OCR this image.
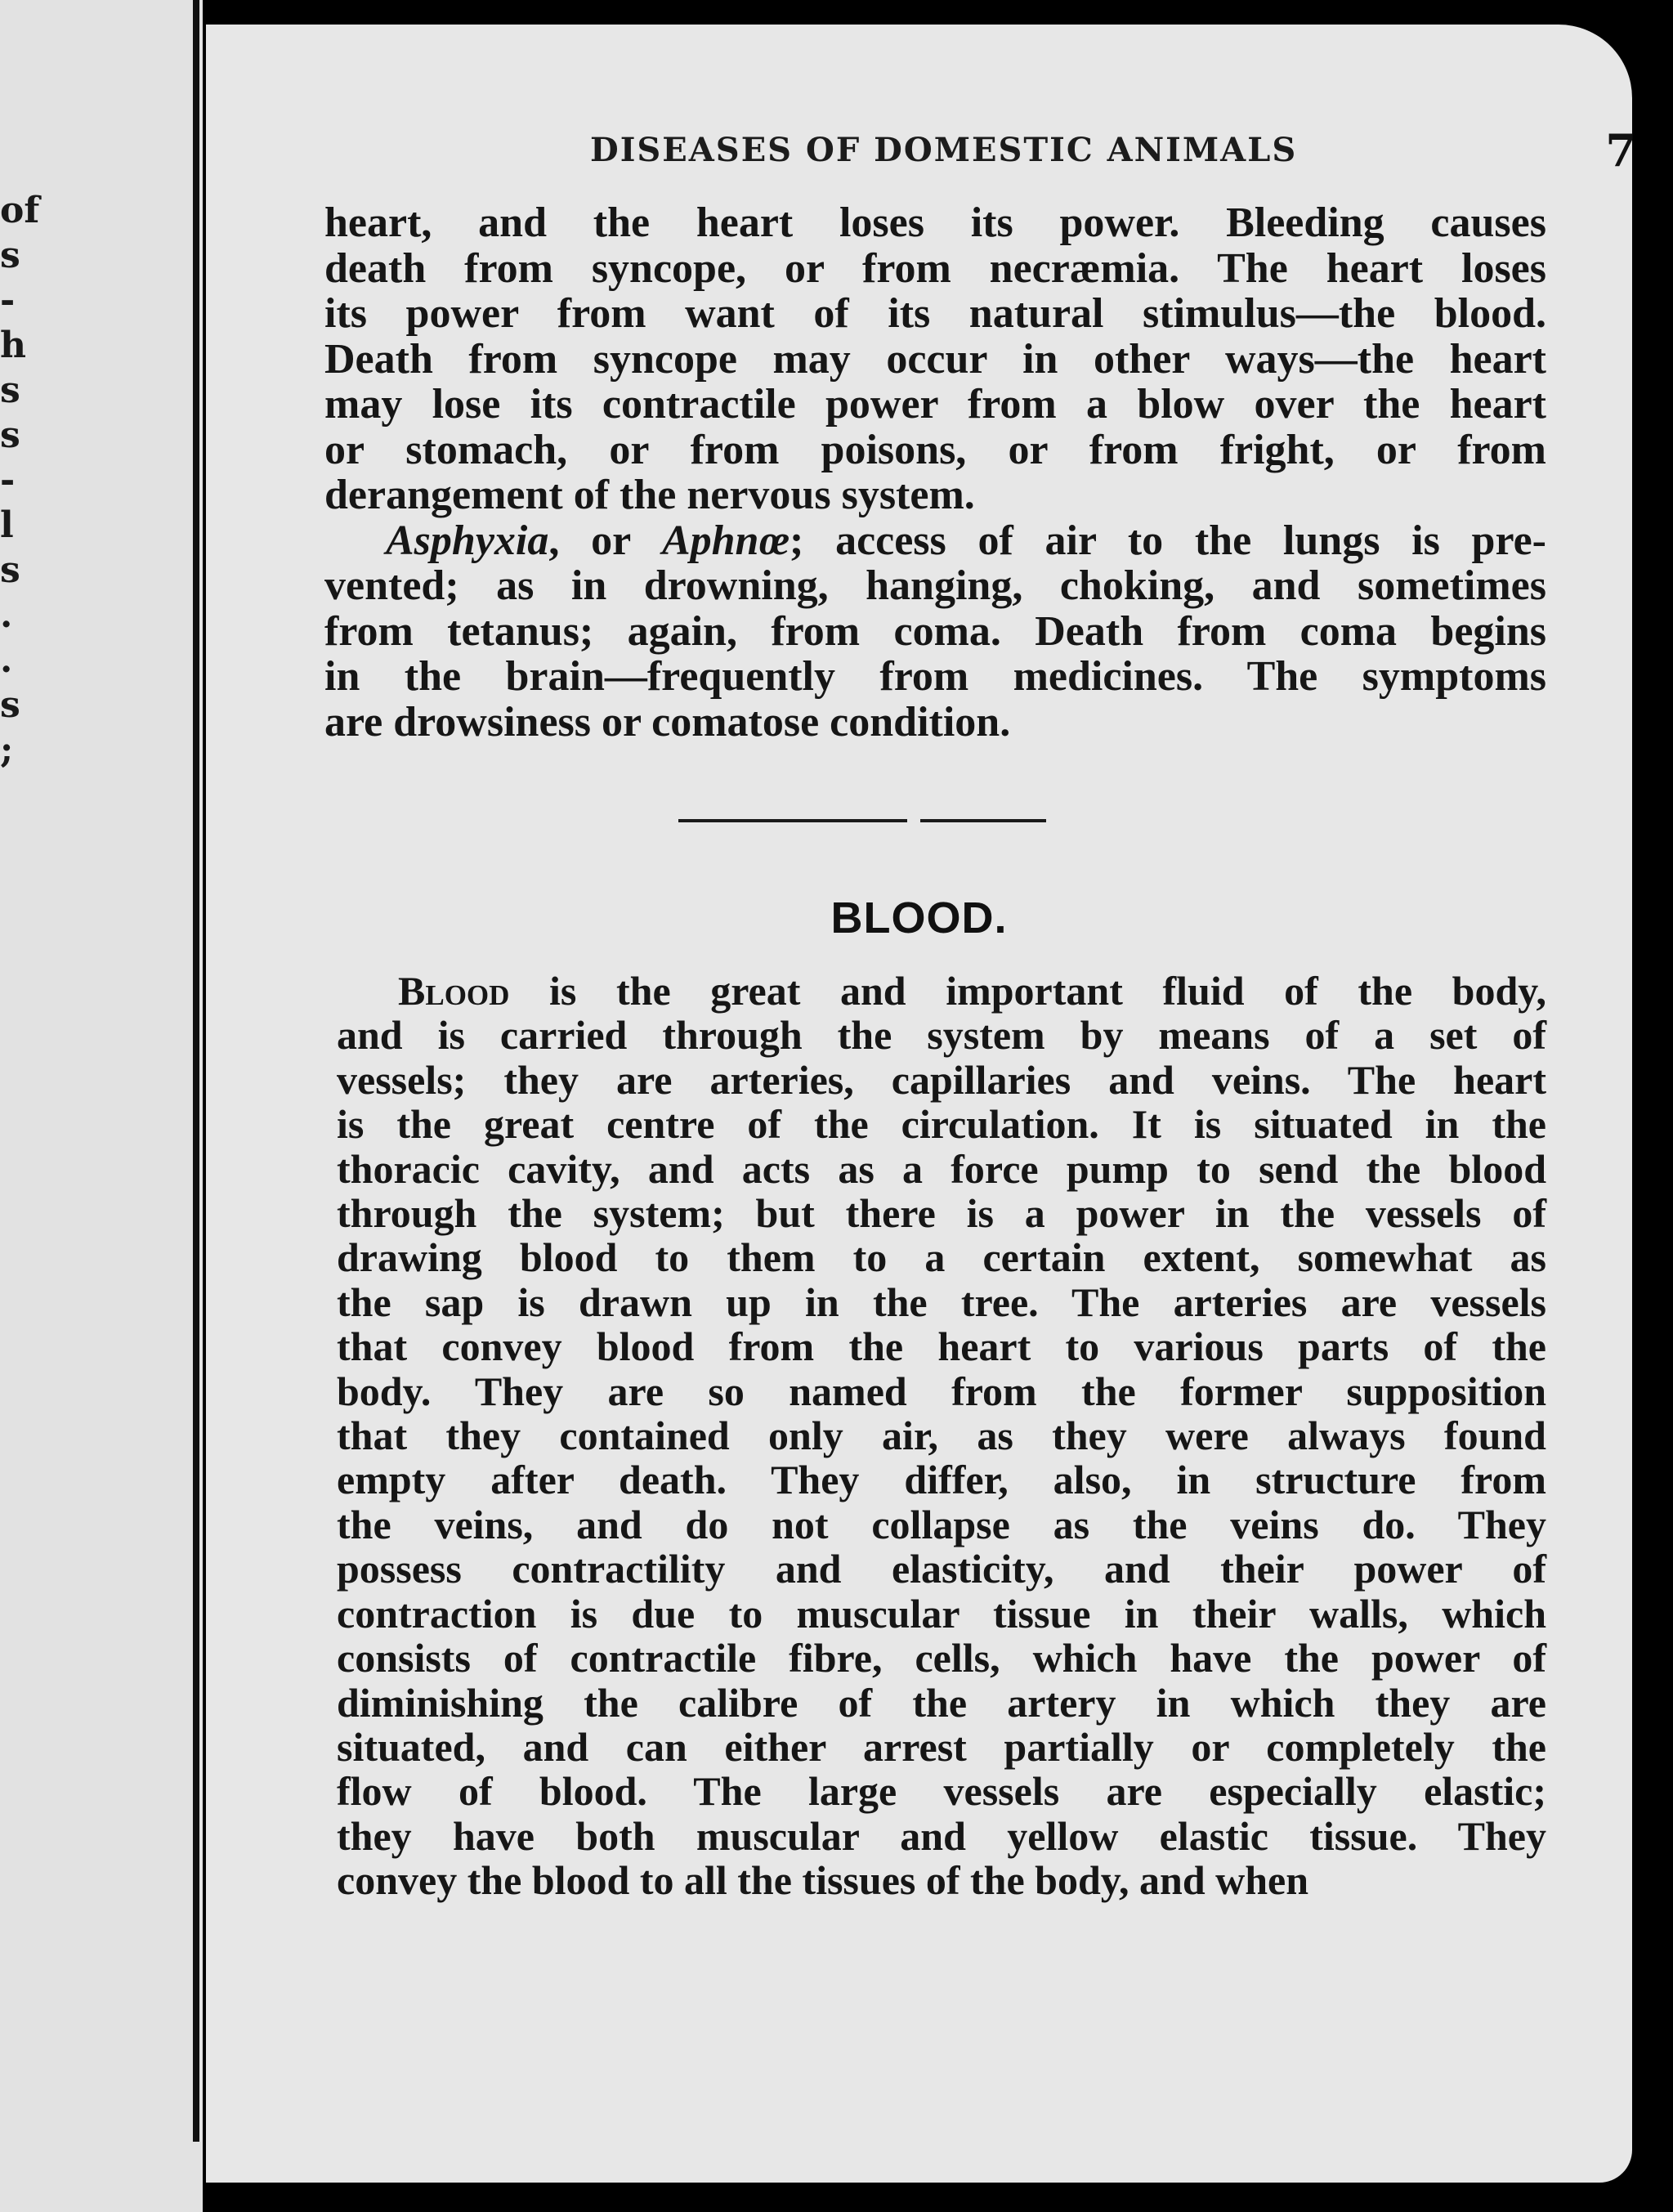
of
s
-
h
s
s
-
l
s
.
.
s
;
DISEASES OF DOMESTIC ANIMALS	7
heart, and the heart loses its power. Bleeding causes
death from syncope, or from necræmia. The heart loses
its power from want of its natural stimulus—the blood.
Death from syncope may occur in other ways—the heart
may lose its contractile power from a blow over the heart
or stomach, or from poisons, or from fright, or from
derangement of the nervous system.
Asphyxia, or Aphnœ; access of air to the lungs is pre-
vented; as in drowning, hanging, choking, and sometimes
from tetanus; again, from coma. Death from coma begins
in the brain—frequently from medicines. The symptoms
are drowsiness or comatose condition.
BLOOD.
Blood is the great and important fluid of the body,
and is carried through the system by means of a set of
vessels; they are arteries, capillaries and veins. The heart
is the great centre of the circulation. It is situated in the
thoracic cavity, and acts as a force pump to send the blood
through the system; but there is a power in the vessels of
drawing blood to them to a certain extent, somewhat as
the sap is drawn up in the tree. The arteries are vessels
that convey blood from the heart to various parts of the
body. They are so named from the former supposition
that they contained only air, as they were always found
empty after death. They differ, also, in structure from
the veins, and do not collapse as the veins do. They
possess contractility and elasticity, and their power of
contraction is due to muscular tissue in their walls, which
consists of contractile fibre, cells, which have the power of
diminishing the calibre of the artery in which they are
situated, and can either arrest partially or completely the
flow of blood. The large vessels are especially elastic;
they have both muscular and yellow elastic tissue. They
convey the blood to all the tissues of the body, and when
